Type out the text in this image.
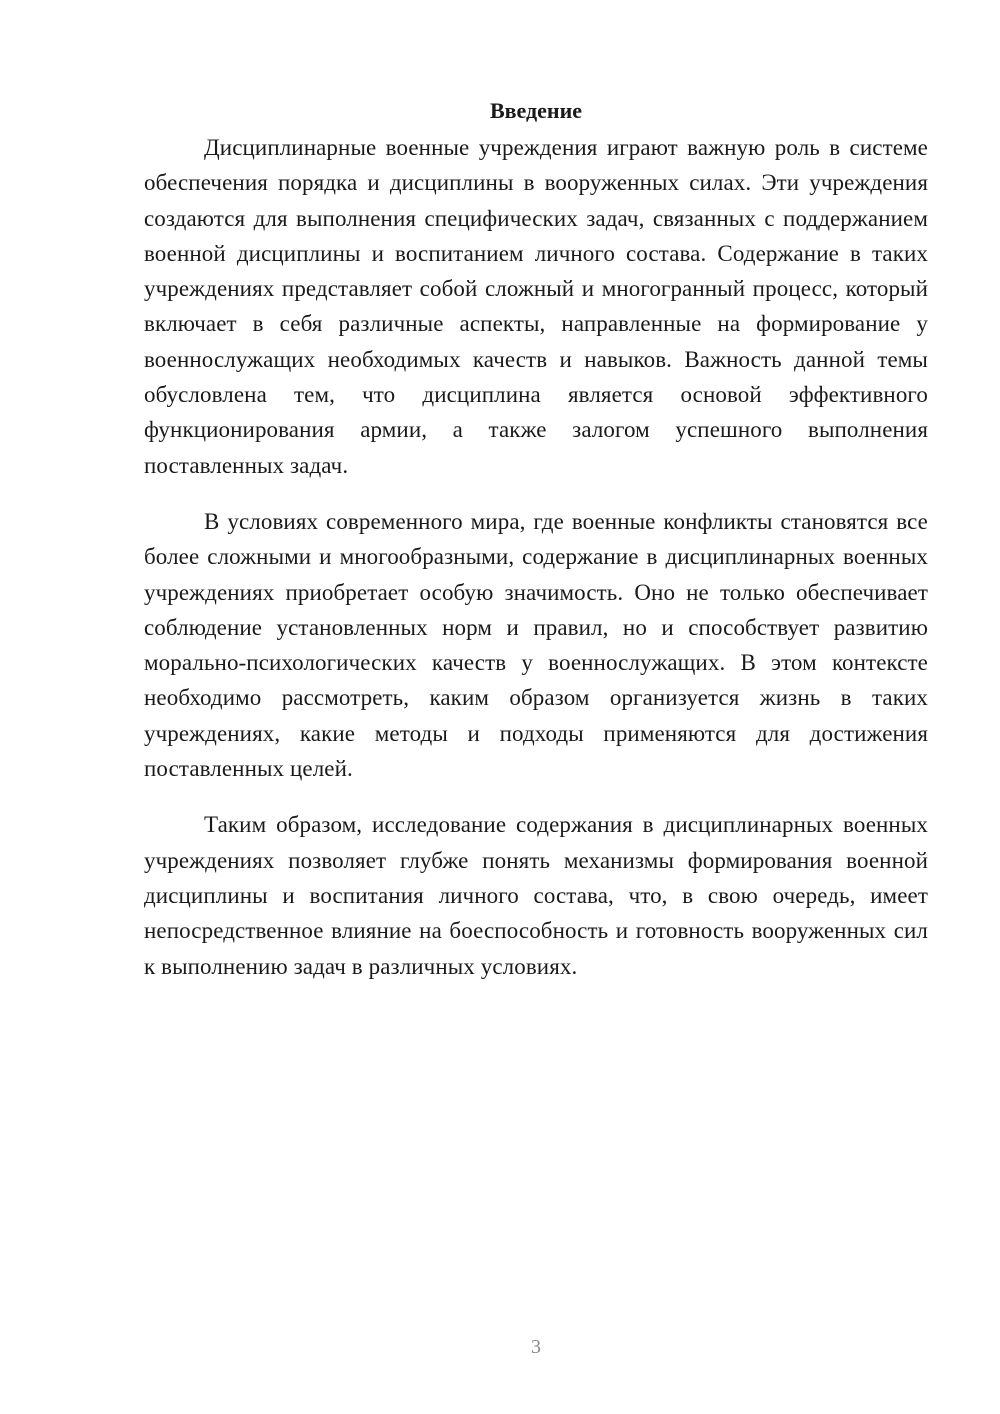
Введение

Дисциплинарные военные учреждения играют важную роль в системе обеспечения порядка и дисциплины в вооруженных силах. Эти учреждения создаются для выполнения специфических задач, связанных с поддержанием военной дисциплины и воспитанием личного состава. Содержание в таких учреждениях представляет собой сложный и многогранный процесс, который включает в себя различные аспекты, направленные на формирование у военнослужащих необходимых качеств и навыков. Важность данной темы обусловлена тем, что дисциплина является основой эффективного функционирования армии, а также залогом успешного выполнения поставленных задач.

В условиях современного мира, где военные конфликты становятся все более сложными и многообразными, содержание в дисциплинарных военных учреждениях приобретает особую значимость. Оно не только обеспечивает соблюдение установленных норм и правил, но и способствует развитию морально-психологических качеств у военнослужащих. В этом контексте необходимо рассмотреть, каким образом организуется жизнь в таких учреждениях, какие методы и подходы применяются для достижения поставленных целей.

Таким образом, исследование содержания в дисциплинарных военных учреждениях позволяет глубже понять механизмы формирования военной дисциплины и воспитания личного состава, что, в свою очередь, имеет непосредственное влияние на боеспособность и готовность вооруженных сил к выполнению задач в различных условиях.

3
